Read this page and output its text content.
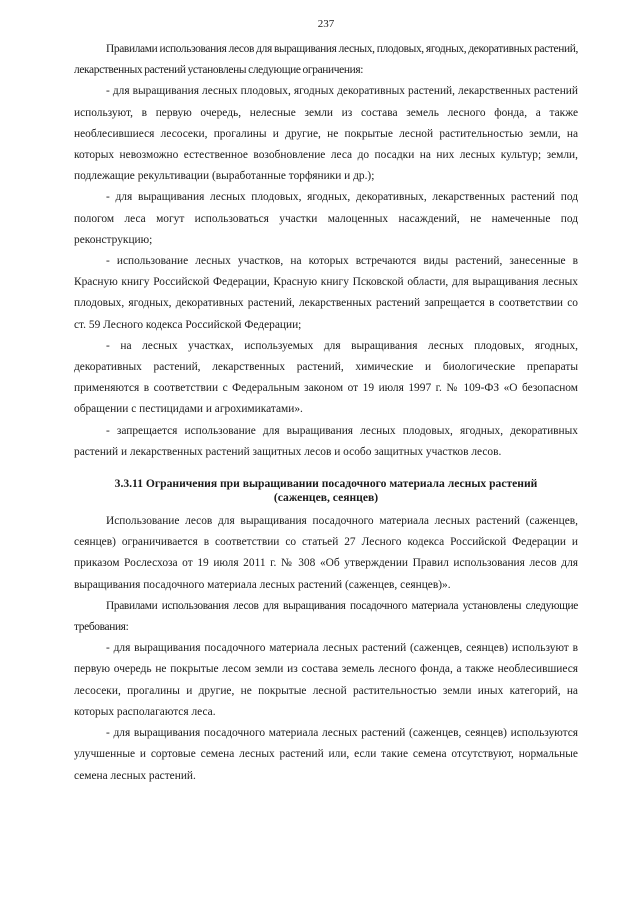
237

Правилами использования лесов для выращивания лесных, плодовых, ягодных, декоративных растений, лекарственных растений установлены следующие ограничения:

- для выращивания лесных плодовых, ягодных декоративных растений, лекарственных растений используют, в первую очередь, нелесные земли из состава земель лесного фонда, а также необлесившиеся лесосеки, прогалины и другие, не покрытые лесной растительностью земли, на которых невозможно естественное возобновление леса до посадки на них лесных культур; земли, подлежащие рекультивации (выработанные торфяники и др.);

- для выращивания лесных плодовых, ягодных, декоративных, лекарственных растений под пологом леса могут использоваться участки малоценных насаждений, не намеченные под реконструкцию;

- использование лесных участков, на которых встречаются виды растений, занесенные в Красную книгу Российской Федерации, Красную книгу Псковской области, для выращивания лесных плодовых, ягодных, декоративных растений, лекарственных растений запрещается в соответствии со ст. 59 Лесного кодекса Российской Федерации;

- на лесных участках, используемых для выращивания лесных плодовых, ягодных, декоративных растений, лекарственных растений, химические и биологические препараты применяются в соответствии с Федеральным законом от 19 июля 1997 г. № 109-ФЗ «О безопасном обращении с пестицидами и агрохимикатами».

- запрещается использование для выращивания лесных плодовых, ягодных, декоративных растений и лекарственных растений защитных лесов и особо защитных участков лесов.

3.3.11 Ограничения при выращивании посадочного материала лесных растений
(саженцев, сеянцев)

Использование лесов для выращивания посадочного материала лесных растений (саженцев, сеянцев) ограничивается в соответствии со статьей 27 Лесного кодекса Российской Федерации и приказом Рослесхоза от 19 июля 2011 г. № 308 «Об утверждении Правил использования лесов для выращивания посадочного материала лесных растений (саженцев, сеянцев)».

Правилами использования лесов для выращивания посадочного материала установлены следующие требования:

- для выращивания посадочного материала лесных растений (саженцев, сеянцев) используют в первую очередь не покрытые лесом земли из состава земель лесного фонда, а также необлесившиеся лесосеки, прогалины и другие, не покрытые лесной растительностью земли иных категорий, на которых располагаются леса.

- для выращивания посадочного материала лесных растений (саженцев, сеянцев) используются улучшенные и сортовые семена лесных растений или, если такие семена отсутствуют, нормальные семена лесных растений.
